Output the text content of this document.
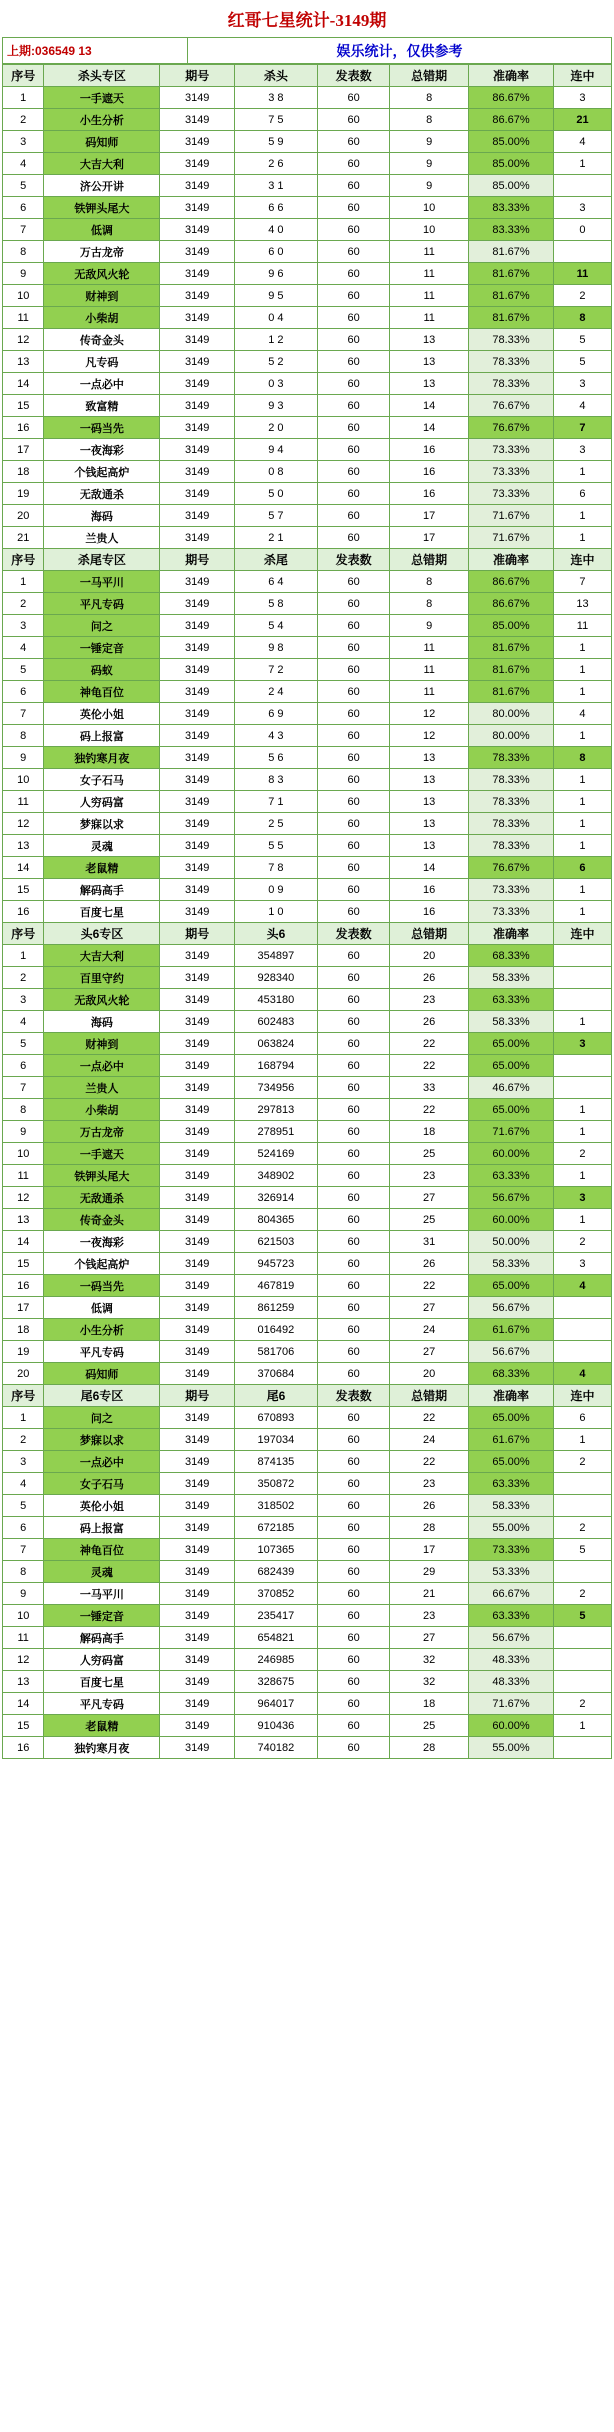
红哥七星统计-3149期
上期:036549 13	娱乐统计，仅供参考
序号	杀头专区	期号	杀头	发表数	总错期	准确率	连中
1	一手遮天	3149	3 8	60	8	86.67%	3
2	小生分析	3149	7 5	60	8	86.67%	21
3	码知师	3149	5 9	60	9	85.00%	4
4	大吉大利	3149	2 6	60	9	85.00%	1
5	济公开讲	3149	3 1	60	9	85.00%	
6	铁钾头尾大	3149	6 6	60	10	83.33%	3
7	低调	3149	4 0	60	10	83.33%	0
8	万古龙帝	3149	6 0	60	11	81.67%	
9	无敌风火轮	3149	9 6	60	11	81.67%	11
10	财神到	3149	9 5	60	11	81.67%	2
11	小柴胡	3149	0 4	60	11	81.67%	8
12	传奇金头	3149	1 2	60	13	78.33%	5
13	凡专码	3149	5 2	60	13	78.33%	5
14	一点必中	3149	0 3	60	13	78.33%	3
15	致富精	3149	9 3	60	14	76.67%	4
16	一码当先	3149	2 0	60	14	76.67%	7
17	一夜海彩	3149	9 4	60	16	73.33%	3
18	个钱起高炉	3149	0 8	60	16	73.33%	1
19	无敌通杀	3149	5 0	60	16	73.33%	6
20	海码	3149	5 7	60	17	71.67%	1
21	兰贵人	3149	2 1	60	17	71.67%	1
序号	杀尾专区	期号	杀尾	发表数	总错期	准确率	连中
1	一马平川	3149	6 4	60	8	86.67%	7
2	平凡专码	3149	5 8	60	8	86.67%	13
3	问之	3149	5 4	60	9	85.00%	11
4	一锤定音	3149	9 8	60	11	81.67%	1
5	码蚁	3149	7 2	60	11	81.67%	1
6	神龟百位	3149	2 4	60	11	81.67%	1
7	英伦小姐	3149	6 9	60	12	80.00%	4
8	码上报富	3149	4 3	60	12	80.00%	1
9	独钓寒月夜	3149	5 6	60	13	78.33%	8
10	女子石马	3149	8 3	60	13	78.33%	1
11	人穷码富	3149	7 1	60	13	78.33%	1
12	梦寐以求	3149	2 5	60	13	78.33%	1
13	灵魂	3149	5 5	60	13	78.33%	1
14	老鼠精	3149	7 8	60	14	76.67%	6
15	解码高手	3149	0 9	60	16	73.33%	1
16	百度七星	3149	1 0	60	16	73.33%	1
序号	头6专区	期号	头6	发表数	总错期	准确率	连中
1	大吉大利	3149	354897	60	20	68.33%	
2	百里守约	3149	928340	60	26	58.33%	
3	无敌风火轮	3149	453180	60	23	63.33%	
4	海码	3149	602483	60	26	58.33%	1
5	财神到	3149	063824	60	22	65.00%	3
6	一点必中	3149	168794	60	22	65.00%	
7	兰贵人	3149	734956	60	33	46.67%	
8	小柴胡	3149	297813	60	22	65.00%	1
9	万古龙帝	3149	278951	60	18	71.67%	1
10	一手遮天	3149	524169	60	25	60.00%	2
11	铁钾头尾大	3149	348902	60	23	63.33%	1
12	无敌通杀	3149	326914	60	27	56.67%	3
13	传奇金头	3149	804365	60	25	60.00%	1
14	一夜海彩	3149	621503	60	31	50.00%	2
15	个钱起高炉	3149	945723	60	26	58.33%	3
16	一码当先	3149	467819	60	22	65.00%	4
17	低调	3149	861259	60	27	56.67%	
18	小生分析	3149	016492	60	24	61.67%	
19	平凡专码	3149	581706	60	27	56.67%	
20	码知师	3149	370684	60	20	68.33%	4
序号	尾6专区	期号	尾6	发表数	总错期	准确率	连中
1	问之	3149	670893	60	22	65.00%	6
2	梦寐以求	3149	197034	60	24	61.67%	1
3	一点必中	3149	874135	60	22	65.00%	2
4	女子石马	3149	350872	60	23	63.33%	
5	英伦小姐	3149	318502	60	26	58.33%	
6	码上报富	3149	672185	60	28	55.00%	2
7	神龟百位	3149	107365	60	17	73.33%	5
8	灵魂	3149	682439	60	29	53.33%	
9	一马平川	3149	370852	60	21	66.67%	2
10	一锤定音	3149	235417	60	23	63.33%	5
11	解码高手	3149	654821	60	27	56.67%	
12	人穷码富	3149	246985	60	32	48.33%	
13	百度七星	3149	328675	60	32	48.33%	
14	平凡专码	3149	964017	60	18	71.67%	2
15	老鼠精	3149	910436	60	25	60.00%	1
16	独钓寒月夜	3149	740182	60	28	55.00%	
